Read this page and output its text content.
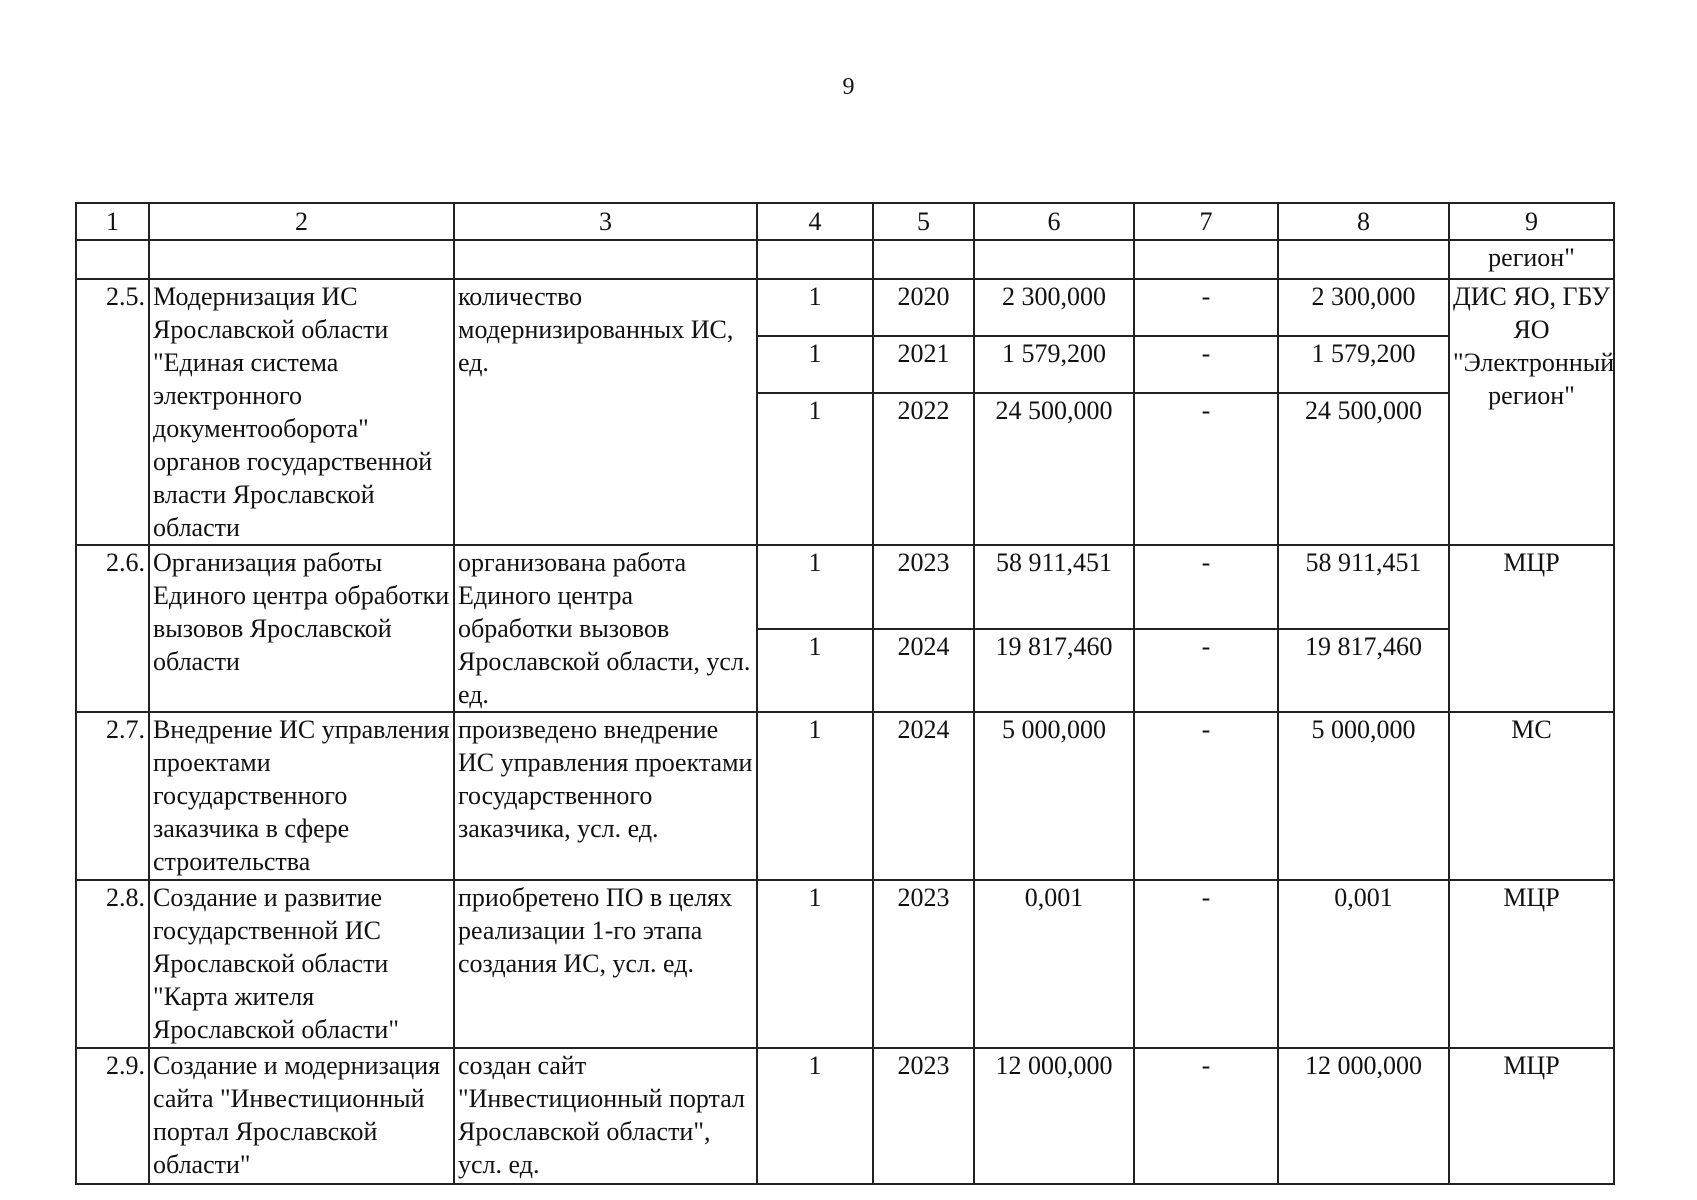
9
1	2	3	4	5	6	7	8	9
								регион"
2.5.	Модернизация ИС Ярославской области "Единая система электронного документооборота" органов государственной власти Ярославской области	количество модернизированных ИС, ед.	1	2020	2 300,000	-	2 300,000	ДИС ЯО, ГБУ ЯО "Электронный регион"
			1	2021	1 579,200	-	1 579,200	
			1	2022	24 500,000	-	24 500,000	
2.6.	Организация работы Единого центра обработки вызовов Ярославской области	организована работа Единого центра обработки вызовов Ярославской области, усл. ед.	1	2023	58 911,451	-	58 911,451	МЦР
			1	2024	19 817,460	-	19 817,460	
2.7.	Внедрение ИС управления проектами государственного заказчика в сфере строительства	произведено внедрение ИС управления проектами государственного заказчика, усл. ед.	1	2024	5 000,000	-	5 000,000	МС
2.8.	Создание и развитие государственной ИС Ярославской области "Карта жителя Ярославской области"	приобретено ПО в целях реализации 1-го этапа создания ИС, усл. ед.	1	2023	0,001	-	0,001	МЦР
2.9.	Создание и модернизация сайта "Инвестиционный портал Ярославской области"	создан сайт "Инвестиционный портал Ярославской области", усл. ед.	1	2023	12 000,000	-	12 000,000	МЦР
